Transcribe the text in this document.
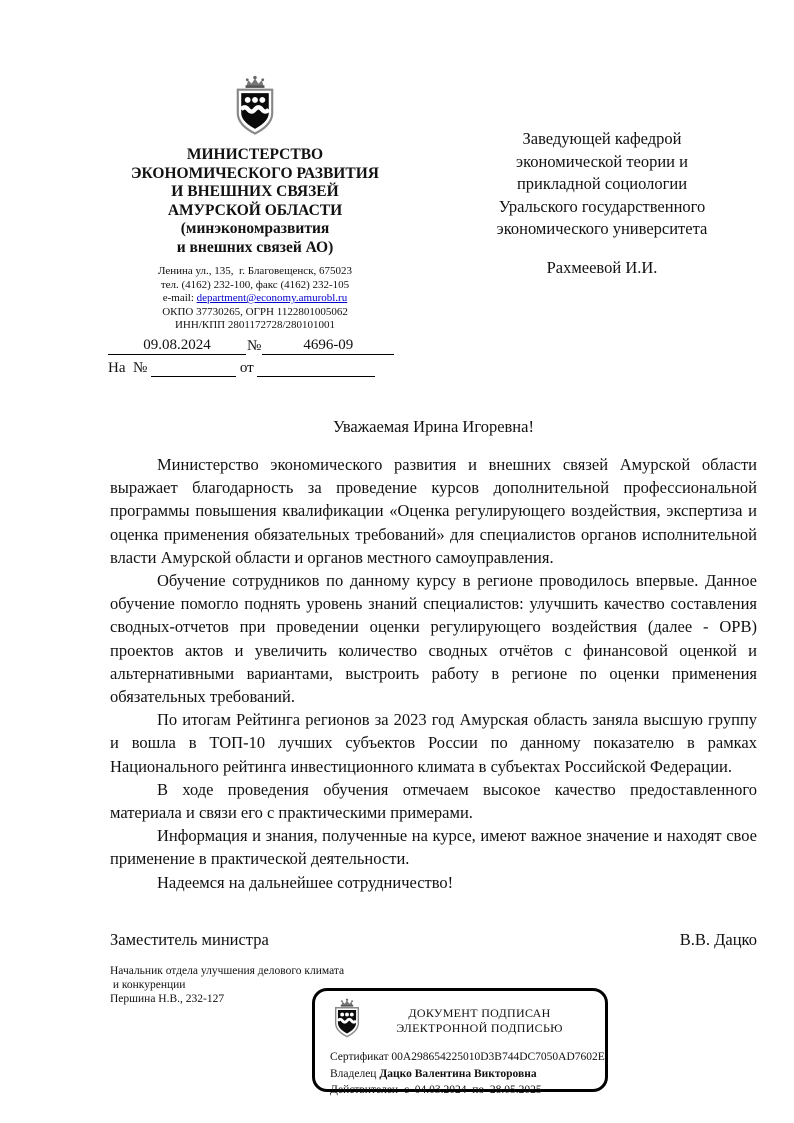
МИНИСТЕРСТВО
ЭКОНОМИЧЕСКОГО РАЗВИТИЯ
И ВНЕШНИХ СВЯЗЕЙ
АМУРСКОЙ ОБЛАСТИ
(минэкономразвития
и внешних связей АО)
Ленина ул., 135,  г. Благовещенск, 675023
тел. (4162) 232-100, факс (4162) 232-105
e-mail: department@economy.amurobl.ru
ОКПО 37730265, ОГРН 1122801005062
ИНН/КПП 2801172728/280101001
09.08.2024 №	4696-09
На  №	от
Заведующей кафедрой
экономической теории и
прикладной социологии
Уральского государственного
экономического университета
Рахмеевой И.И.
Уважаемая Ирина Игоревна!

Министерство экономического развития и внешних связей Амурской области выражает благодарность за проведение курсов дополнительной профессиональной программы повышения квалификации «Оценка регулирующего воздействия, экспертиза и оценка применения обязательных требований» для специалистов органов исполнительной власти Амурской области и органов местного самоуправления.

Обучение сотрудников по данному курсу в регионе проводилось впервые. Данное обучение помогло поднять уровень знаний специалистов: улучшить качество составления сводных-отчетов при проведении оценки регулирующего воздействия (далее - ОРВ) проектов актов и увеличить количество сводных отчётов с финансовой оценкой и альтернативными вариантами, выстроить работу в регионе по оценки применения обязательных требований.

По итогам Рейтинга регионов за 2023 год Амурская область заняла высшую группу и вошла в ТОП-10 лучших субъектов России по данному показателю в рамках Национального рейтинга инвестиционного климата в субъектах Российской Федерации.

В ходе проведения обучения отмечаем высокое качество предоставленного материала и связи его с практическими примерами.

Информация и знания, полученные на курсе, имеют важное значение и находят свое применение в практической деятельности.

Надеемся на дальнейшее сотрудничество!

Заместитель министра	В.В. Дацко
Начальник отдела улучшения делового климата
и конкуренции
Першина Н.В., 232-127
ДОКУМЕНТ ПОДПИСАН
ЭЛЕКТРОННОЙ ПОДПИСЬЮ
Сертификат 00A298654225010D3B744DC7050AD7602E
Владелец Дацко Валентина Викторовна
Действителен  с  04.03.2024  по  28.05.2025
